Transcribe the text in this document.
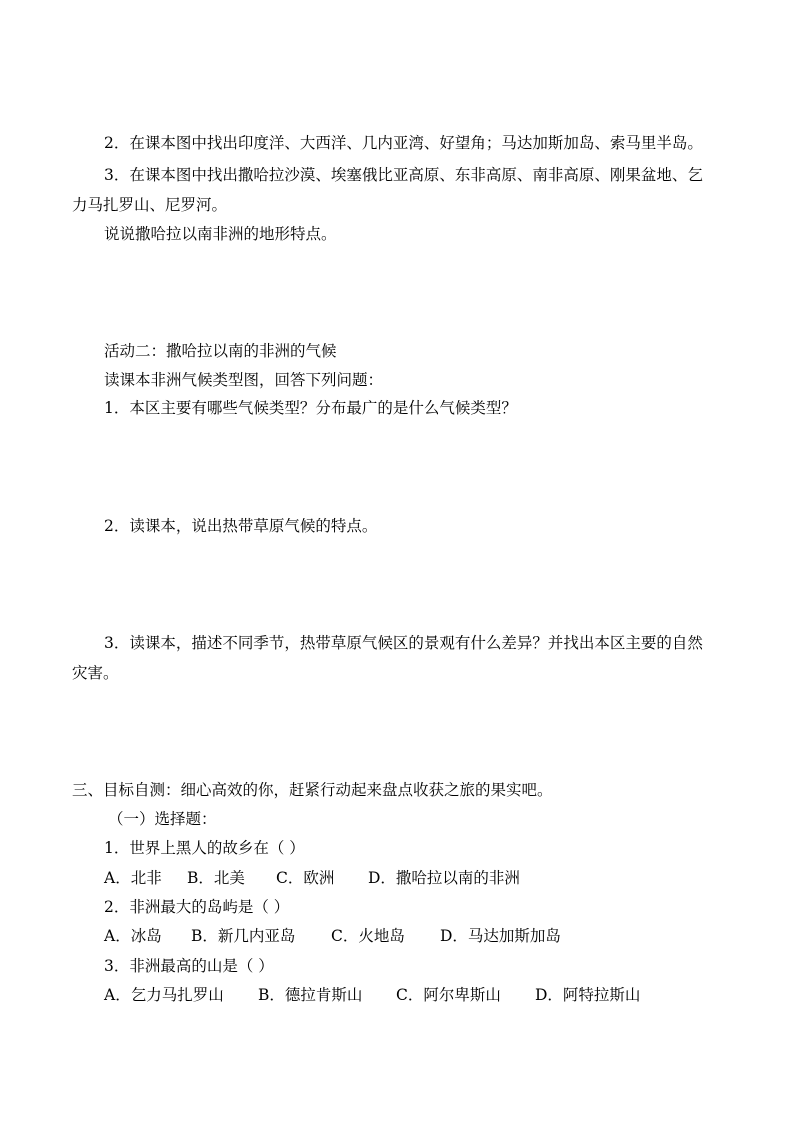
2．在课本图中找出印度洋、大西洋、几内亚湾、好望角；马达加斯加岛、索马里半岛。
3．在课本图中找出撒哈拉沙漠、埃塞俄比亚高原、东非高原、南非高原、刚果盆地、乞
力马扎罗山、尼罗河。
说说撒哈拉以南非洲的地形特点。
活动二：撒哈拉以南的非洲的气候
读课本非洲气候类型图，回答下列问题：
1．本区主要有哪些气候类型？分布最广的是什么气候类型？
2．读课本，说出热带草原气候的特点。
3．读课本，描述不同季节，热带草原气候区的景观有什么差异？并找出本区主要的自然
灾害。
三、目标自测：细心高效的你，赶紧行动起来盘点收获之旅的果实吧。
（一）选择题：
1．世界上黑人的故乡在（ ）
A．北非 B．北美 C．欧洲 D．撒哈拉以南的非洲
2．非洲最大的岛屿是（ ）
A．冰岛 B．新几内亚岛 C．火地岛 D．马达加斯加岛
3．非洲最高的山是（ ）
A．乞力马扎罗山 B．德拉肯斯山 C．阿尔卑斯山 D．阿特拉斯山
